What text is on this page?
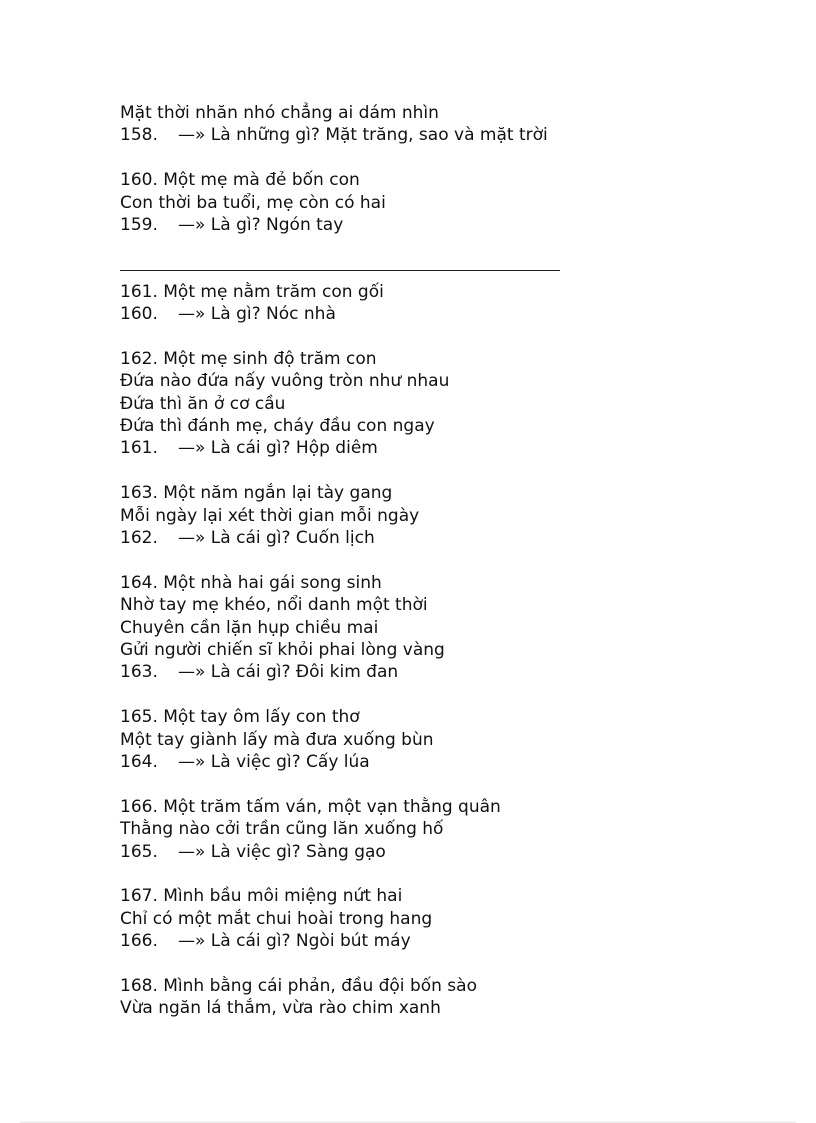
Mặt thời nhăn nhó chẳng ai dám nhìn
158. —» Là những gì? Mặt trăng, sao và mặt trời
160. Một mẹ mà đẻ bốn con
Con thời ba tuổi, mẹ còn có hai
159. —» Là gì? Ngón tay
161. Một mẹ nằm trăm con gối
160. —» Là gì? Nóc nhà
162. Một mẹ sinh độ trăm con
Đứa nào đứa nấy vuông tròn như nhau
Đứa thì ăn ở cơ cầu
Đứa thì đánh mẹ, cháy đầu con ngay
161. —» Là cái gì? Hộp diêm
163. Một năm ngắn lại tày gang
Mỗi ngày lại xét thời gian mỗi ngày
162. —» Là cái gì? Cuốn lịch
164. Một nhà hai gái song sinh
Nhờ tay mẹ khéo, nổi danh một thời
Chuyên cần lặn hụp chiều mai
Gửi người chiến sĩ khỏi phai lòng vàng
163. —» Là cái gì? Đôi kim đan
165. Một tay ôm lấy con thơ
Một tay giành lấy mà đưa xuống bùn
164. —» Là việc gì? Cấy lúa
166. Một trăm tấm ván, một vạn thằng quân
Thằng nào cởi trần cũng lăn xuống hố
165. —» Là việc gì? Sàng gạo
167. Mình bầu môi miệng nứt hai
Chỉ có một mắt chui hoài trong hang
166. —» Là cái gì? Ngòi bút máy
168. Mình bằng cái phản, đầu đội bốn sào
Vừa ngăn lá thắm, vừa rào chim xanh
